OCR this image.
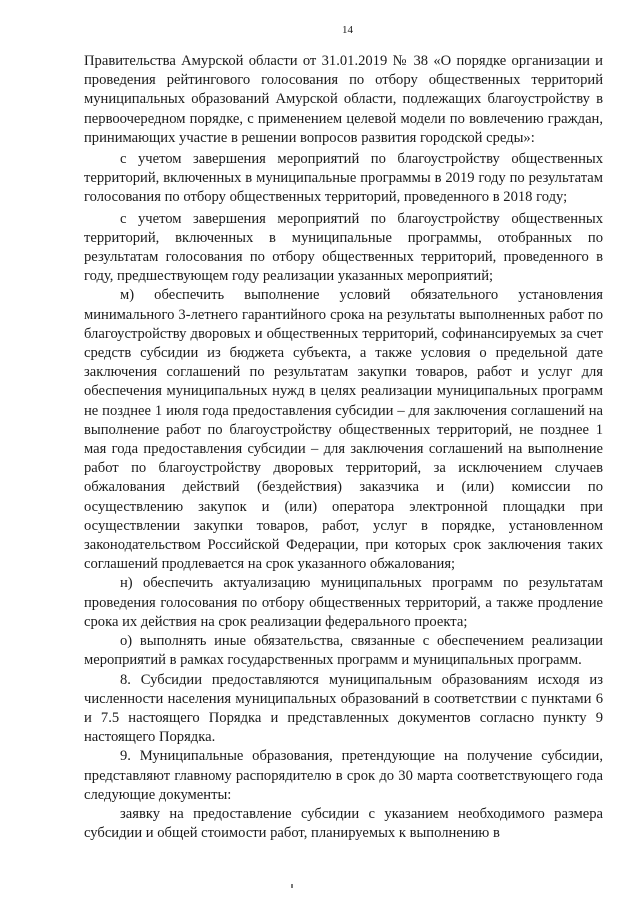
14

Правительства Амурской области от 31.01.2019 № 38 «О порядке организации и проведения рейтингового голосования по отбору общественных территорий муниципальных образований Амурской области, подлежащих благоустройству в первоочередном порядке, с применением целевой модели по вовлечению граждан, принимающих участие в решении вопросов развития городской среды»:

с учетом завершения мероприятий по благоустройству общественных территорий, включенных в муниципальные программы в 2019 году по результатам голосования по отбору общественных территорий, проведенного в 2018 году;

с учетом завершения мероприятий по благоустройству общественных территорий, включенных в муниципальные программы, отобранных по результатам голосования по отбору общественных территорий, проведенного в году, предшествующем году реализации указанных мероприятий;

м) обеспечить выполнение условий обязательного установления минимального 3-летнего гарантийного срока на результаты выполненных работ по благоустройству дворовых и общественных территорий, софинансируемых за счет средств субсидии из бюджета субъекта, а также условия о предельной дате заключения соглашений по результатам закупки товаров, работ и услуг для обеспечения муниципальных нужд в целях реализации муниципальных программ не позднее 1 июля года предоставления субсидии – для заключения соглашений на выполнение работ по благоустройству общественных территорий, не позднее 1 мая года предоставления субсидии – для заключения соглашений на выполнение работ по благоустройству дворовых территорий, за исключением случаев обжалования действий (бездействия) заказчика и (или) комиссии по осуществлению закупок и (или) оператора электронной площадки при осуществлении закупки товаров, работ, услуг в порядке, установленном законодательством Российской Федерации, при которых срок заключения таких соглашений продлевается на срок указанного обжалования;

н) обеспечить актуализацию муниципальных программ по результатам проведения голосования по отбору общественных территорий, а также продление срока их действия на срок реализации федерального проекта;

о) выполнять иные обязательства, связанные с обеспечением реализации мероприятий в рамках государственных программ и муниципальных программ.

8. Субсидии предоставляются муниципальным образованиям исходя из численности населения муниципальных образований в соответствии с пунктами 6 и 7.5 настоящего Порядка и представленных документов согласно пункту 9 настоящего Порядка.

9. Муниципальные образования, претендующие на получение субсидии, представляют главному распорядителю в срок до 30 марта соответствующего года следующие документы:

заявку на предоставление субсидии с указанием необходимого размера субсидии и общей стоимости работ, планируемых к выполнению в
